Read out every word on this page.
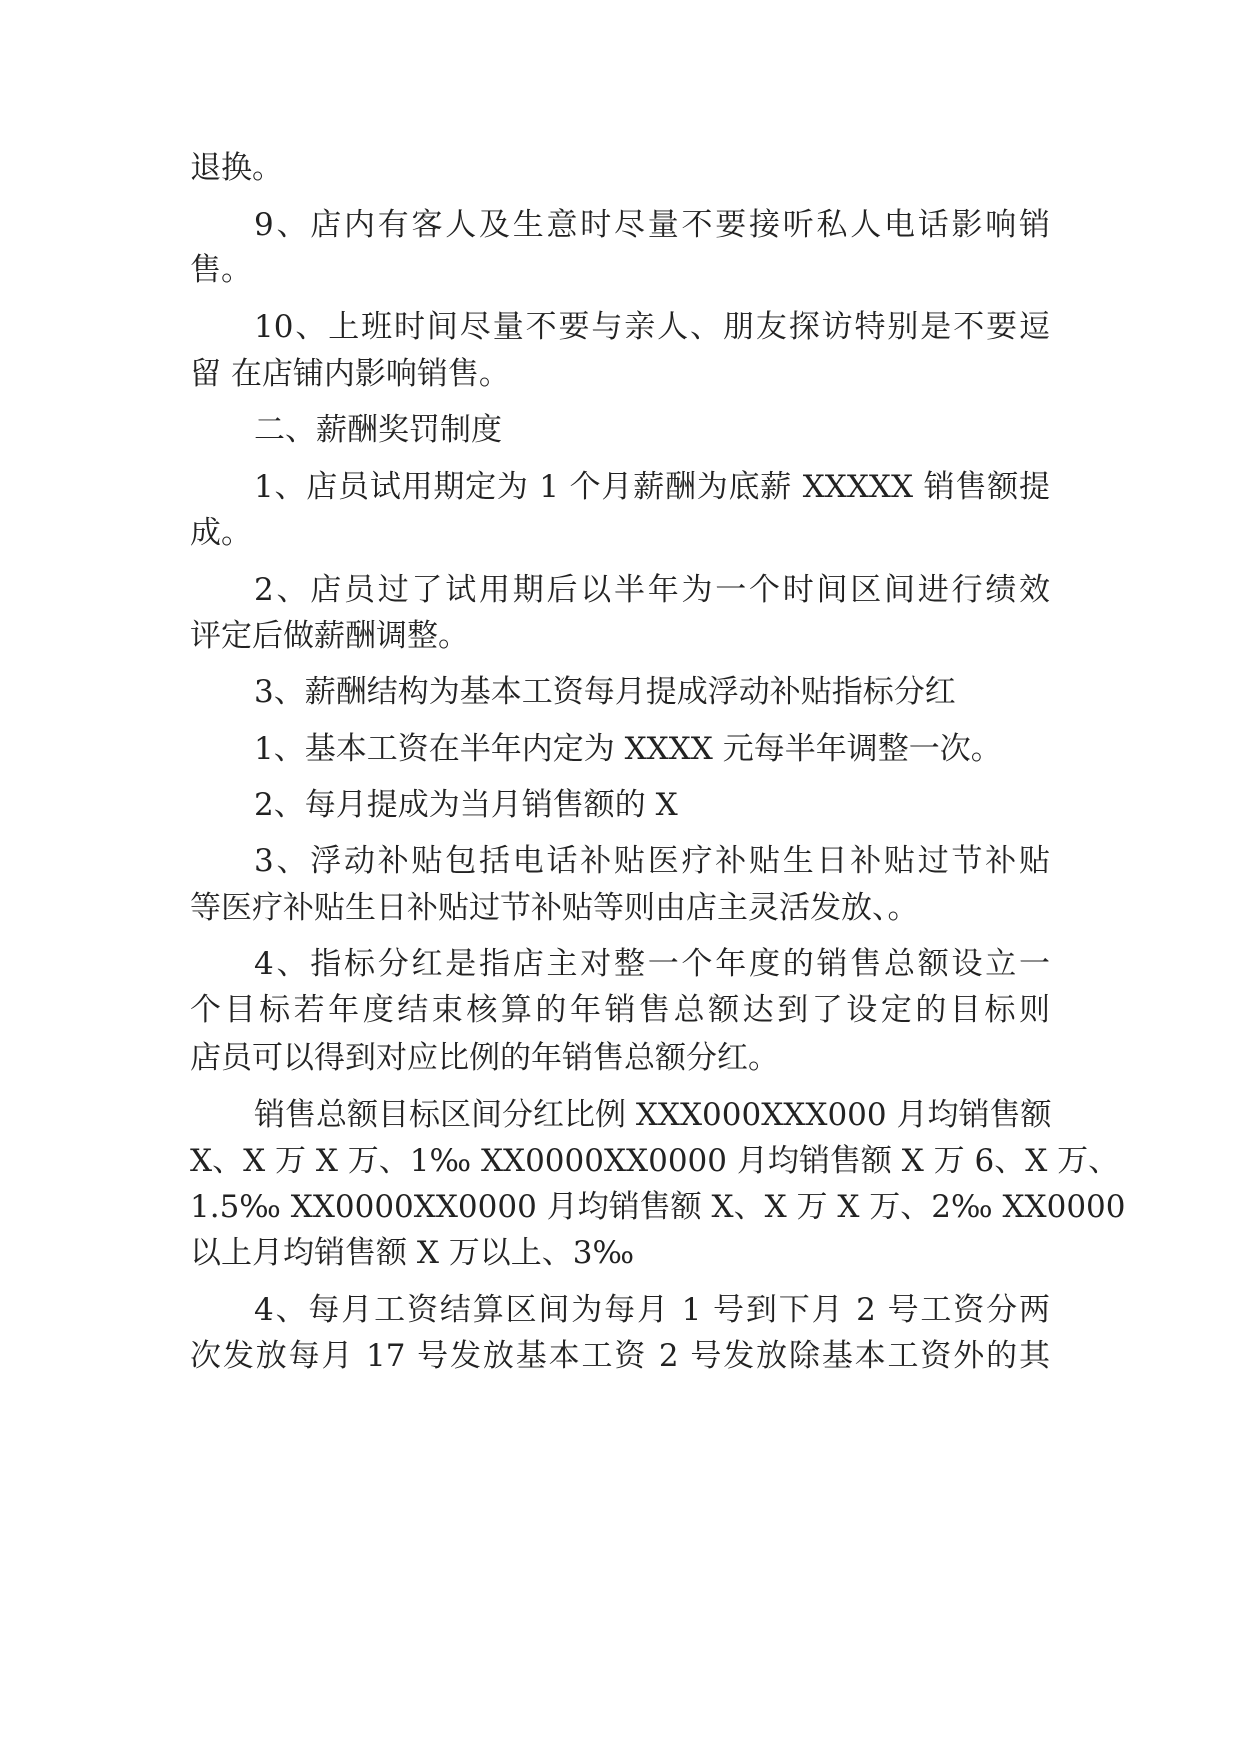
退换。
9、店内有客人及生意时尽量不要接听私人电话影响销
售。
10、上班时间尽量不要与亲人、朋友探访特别是不要逗
留 在店铺内影响销售。
二、薪酬奖罚制度
1、店员试用期定为 1 个月薪酬为底薪 XXXXX 销售额提
成。
2、店员过了试用期后以半年为一个时间区间进行绩效
评定后做薪酬调整。
3、薪酬结构为基本工资每月提成浮动补贴指标分红
1、基本工资在半年内定为 XXXX 元每半年调整一次。
2、每月提成为当月销售额的 X
3、浮动补贴包括电话补贴医疗补贴生日补贴过节补贴
等医疗补贴生日补贴过节补贴等则由店主灵活发放、。
4、指标分红是指店主对整一个年度的销售总额设立一
个目标若年度结束核算的年销售总额达到了设定的目标则
店员可以得到对应比例的年销售总额分红。
销售总额目标区间分红比例 XXX000XXX000 月均销售额
X、X 万 X 万、1‰ XX0000XX0000 月均销售额 X 万 6、X 万、
1.5‰ XX0000XX0000 月均销售额 X、X 万 X 万、2‰ XX0000
以上月均销售额 X 万以上、3‰
4、每月工资结算区间为每月 1 号到下月 2 号工资分两
次发放每月 17 号发放基本工资 2 号发放除基本工资外的其
